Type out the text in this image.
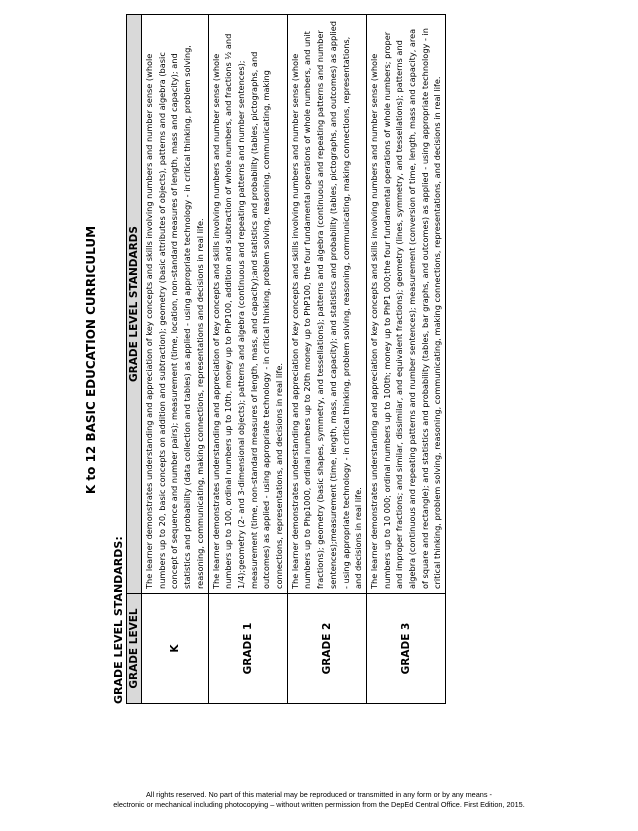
K to 12 BASIC EDUCATION CURRICULUM
GRADE LEVEL STANDARDS: GRADE LEVEL	GRADE LEVEL STANDARDS
K	The learner demonstrates understanding and appreciation of key concepts and skills involving numbers and number sense (whole numbers up to 20, basic concepts on addition and subtraction); geometry (basic attributes of objects), patterns and algebra (basic concept of sequence and number pairs); measurement (time, location, non-standard measures of length, mass and capacity); and statistics and probability (data collection and tables) as applied - using appropriate technology - in critical thinking, problem solving, reasoning, communicating, making connections, representations and decisions in real life.
GRADE 1	The learner demonstrates understanding and appreciation of key concepts and skills involving numbers and number sense (whole numbers up to 100, ordinal numbers up to 10th, money up to PhP100, addition and subtraction of whole numbers, and fractions ½ and 1/4);geometry (2- and 3-dimensional objects); patterns and algebra (continuous and repeating patterns and number sentences); measurement (time, non-standard measures of length, mass, and capacity);and statistics and probability (tables, pictographs, and outcomes) as applied - using appropriate technology - in critical thinking, problem solving, reasoning, communicating, making connections, representations, and decisions in real life.
GRADE 2	The learner demonstrates understanding and appreciation of key concepts and skills involving numbers and number sense (whole numbers up to Php1000, ordinal numbers up to 20th money up to PhP100, the four fundamental operations of whole numbers, and unit fractions); geometry (basic shapes, symmetry, and tessellations); patterns and algebra (continuous and repeating patterns and number sentences);measurement (time, length, mass, and capacity); and statistics and probability (tables, pictographs, and outcomes) as applied - using appropriate technology - in critical thinking, problem solving, reasoning, communicating, making connections, representations, and decisions in real life.
GRADE 3	The learner demonstrates understanding and appreciation of key concepts and skills involving numbers and number sense (whole numbers up to 10 000; ordinal numbers up to 100th; money up to PhP1 000;the four fundamental operations of whole numbers; proper and improper fractions; and similar, dissimilar, and equivalent fractions); geometry (lines, symmetry, and tessellations); patterns and algebra (continuous and repeating patterns and number sentences); measurement (conversion of time, length, mass and capacity, area of square and rectangle); and statistics and probability (tables, bar graphs, and outcomes) as applied - using appropriate technology - in critical thinking, problem solving, reasoning, communicating, making connections, representations, and decisions in real life.
All rights reserved. No part of this material may be reproduced or transmitted in any form or by any means -
electronic or mechanical including photocopying – without written permission from the DepEd Central Office. First Edition, 2015.
